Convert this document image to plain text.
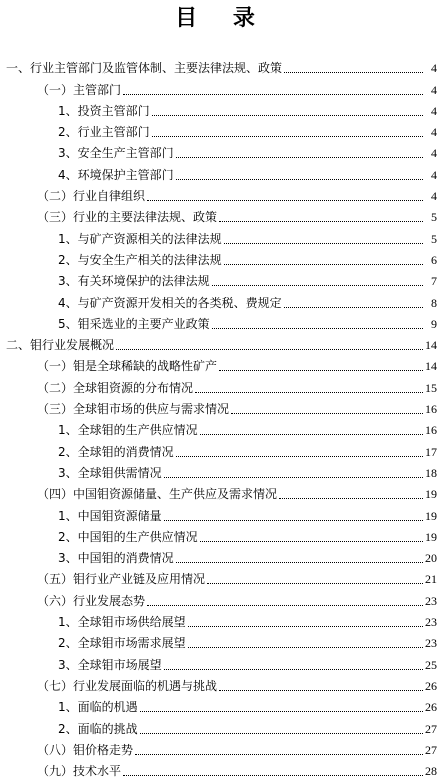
目 录
一、行业主管部门及监管体制、主要法律法规、政策	4
（一）主管部门	4
1、投资主管部门	4
2、行业主管部门	4
3、安全生产主管部门	4
4、环境保护主管部门	4
（二）行业自律组织	4
（三）行业的主要法律法规、政策	5
1、与矿产资源相关的法律法规	5
2、与安全生产相关的法律法规	6
3、有关环境保护的法律法规	7
4、与矿产资源开发相关的各类税、费规定	8
5、钼采选业的主要产业政策	9
二、钼行业发展概况	14
（一）钼是全球稀缺的战略性矿产	14
（二）全球钼资源的分布情况	15
（三）全球钼市场的供应与需求情况	16
1、全球钼的生产供应情况	16
2、全球钼的消费情况	17
3、全球钼供需情况	18
（四）中国钼资源储量、生产供应及需求情况	19
1、中国钼资源储量	19
2、中国钼的生产供应情况	19
3、中国钼的消费情况	20
（五）钼行业产业链及应用情况	21
（六）行业发展态势	23
1、全球钼市场供给展望	23
2、全球钼市场需求展望	23
3、全球钼市场展望	25
（七）行业发展面临的机遇与挑战	26
1、面临的机遇	26
2、面临的挑战	27
（八）钼价格走势	27
（九）技术水平	28
